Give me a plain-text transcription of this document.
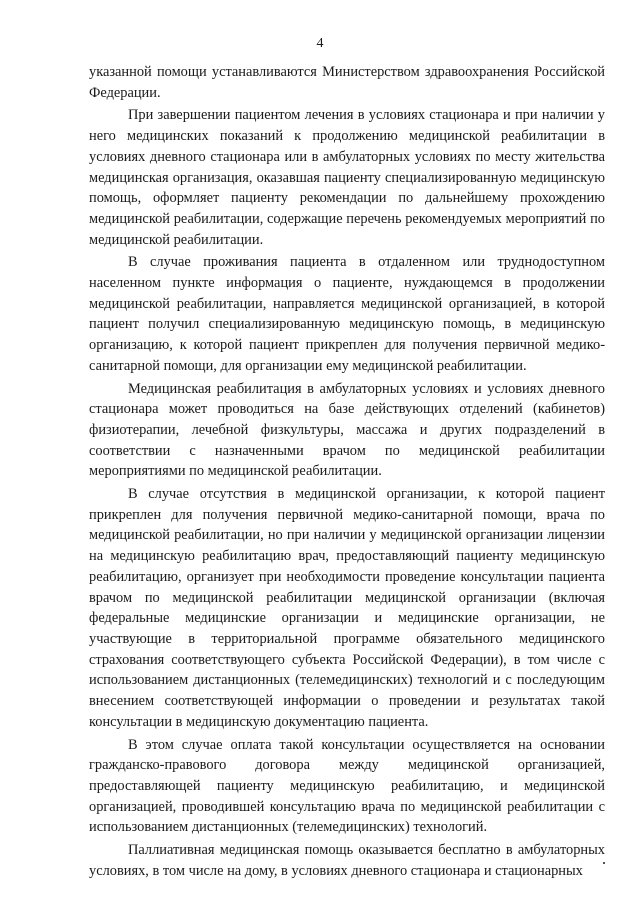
4

указанной помощи устанавливаются Министерством здравоохранения Российской Федерации.

При завершении пациентом лечения в условиях стационара и при наличии у него медицинских показаний к продолжению медицинской реабилитации в условиях дневного стационара или в амбулаторных условиях по месту жительства медицинская организация, оказавшая пациенту специализированную медицинскую помощь, оформляет пациенту рекомендации по дальнейшему прохождению медицинской реабилитации, содержащие перечень рекомендуемых мероприятий по медицинской реабилитации.

В случае проживания пациента в отдаленном или труднодоступном населенном пункте информация о пациенте, нуждающемся в продолжении медицинской реабилитации, направляется медицинской организацией, в которой пациент получил специализированную медицинскую помощь, в медицинскую организацию, к которой пациент прикреплен для получения первичной медико-санитарной помощи, для организации ему медицинской реабилитации.

Медицинская реабилитация в амбулаторных условиях и условиях дневного стационара может проводиться на базе действующих отделений (кабинетов) физиотерапии, лечебной физкультуры, массажа и других подразделений в соответствии с назначенными врачом по медицинской реабилитации мероприятиями по медицинской реабилитации.

В случае отсутствия в медицинской организации, к которой пациент прикреплен для получения первичной медико-санитарной помощи, врача по медицинской реабилитации, но при наличии у медицинской организации лицензии на медицинскую реабилитацию врач, предоставляющий пациенту медицинскую реабилитацию, организует при необходимости проведение консультации пациента врачом по медицинской реабилитации медицинской организации (включая федеральные медицинские организации и медицинские организации, не участвующие в территориальной программе обязательного медицинского страхования соответствующего субъекта Российской Федерации), в том числе с использованием дистанционных (телемедицинских) технологий и с последующим внесением соответствующей информации о проведении и результатах такой консультации в медицинскую документацию пациента.

В этом случае оплата такой консультации осуществляется на основании гражданско-правового договора между медицинской организацией, предоставляющей пациенту медицинскую реабилитацию, и медицинской организацией, проводившей консультацию врача по медицинской реабилитации с использованием дистанционных (телемедицинских) технологий.

Паллиативная медицинская помощь оказывается бесплатно в амбулаторных условиях, в том числе на дому, в условиях дневного стационара и стационарных
